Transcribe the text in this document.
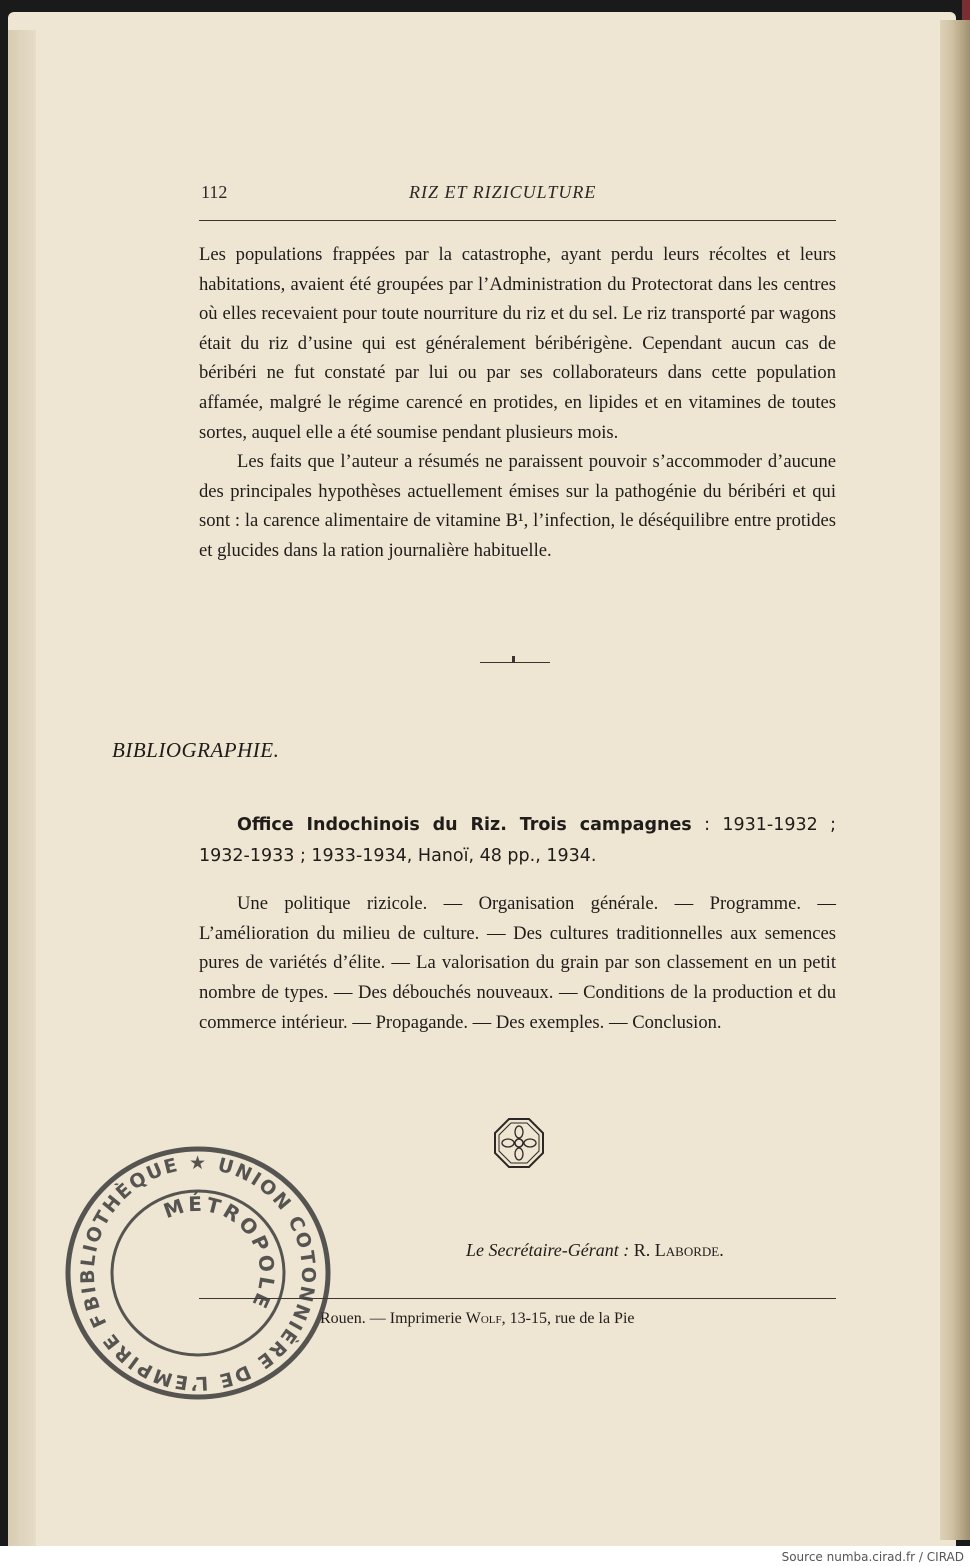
112	RIZ ET RIZICULTURE

Les populations frappées par la catastrophe, ayant perdu leurs récoltes et leurs habitations, avaient été groupées par l’Administration du Protectorat dans les centres où elles recevaient pour toute nourriture du riz et du sel. Le riz transporté par wagons était du riz d’usine qui est généralement béribérigène. Cependant aucun cas de béribéri ne fut constaté par lui ou par ses collaborateurs dans cette population affamée, malgré le régime carencé en protides, en lipides et en vitamines de toutes sortes, auquel elle a été soumise pendant plusieurs mois.

Les faits que l’auteur a résumés ne paraissent pouvoir s’accommoder d’aucune des principales hypothèses actuellement émises sur la pathogénie du béribéri et qui sont : la carence alimentaire de vitamine B¹, l’infection, le déséquilibre entre protides et glucides dans la ration journalière habituelle.

BIBLIOGRAPHIE.

Office Indochinois du Riz. Trois campagnes : 1931-1932 ; 1932-1933 ; 1933-1934, Hanoï, 48 pp., 1934.

Une politique rizicole. — Organisation générale. — Programme. — L’amélioration du milieu de culture. — Des cultures traditionnelles aux semences pures de variétés d’élite. — La valorisation du grain par son classement en un petit nombre de types. — Des débouchés nouveaux. — Conditions de la production et du commerce intérieur. — Propagande. — Des exemples. — Conclusion.

Le Secrétaire-Gérant : R. Laborde.
Rouen. — Imprimerie Wolf, 13-15, rue de la Pie
BIBLIOTHÈQUE ★ UNION COTONNIÈRE DE L’EMPIRE FRANÇAIS
MÉTROPOLE
Source numba.cirad.fr / CIRAD
